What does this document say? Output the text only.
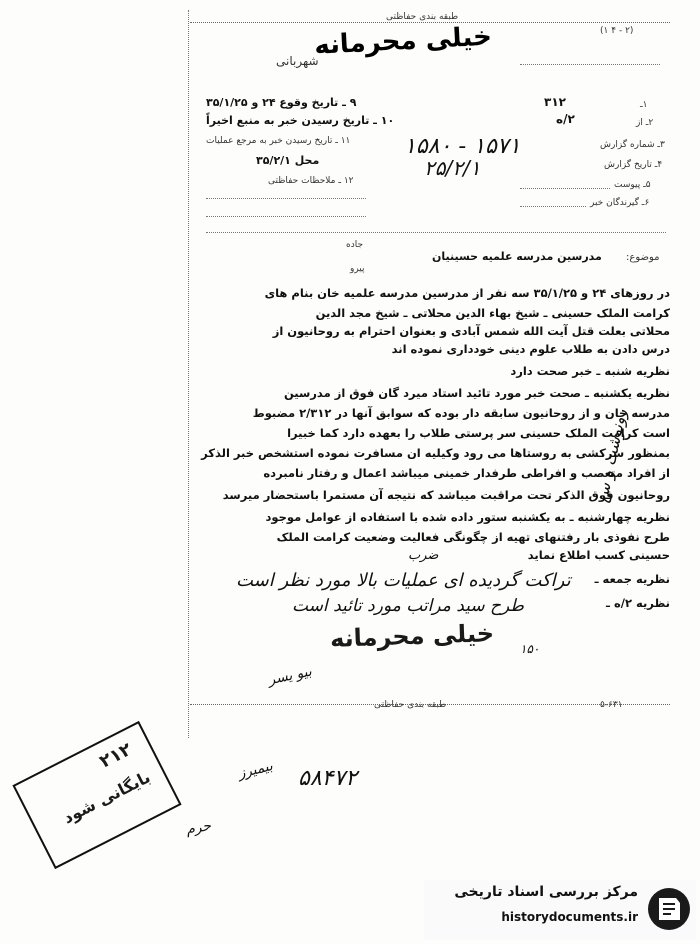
طبقه بندی حفاظتی
(۲ - ۴ ۱)
خیلی محرمانه
شهربانی
۱ـ
۳۱۲
۲ـ از
۲/ه
۳ـ شماره گزارش
۱۵۷۱ - ۱۵۸۰
۴ـ تاریخ گزارش
۲۵/۲/۱
۵ـ پیوست
۶ـ گیرندگان خبر
۹ ـ تاریخ وقوع ۲۴ و ۳۵/۱/۲۵
۱۰ ـ تاریخ رسیدن خبر به منبع اخیراً
۱۱ ـ تاریخ رسیدن خبر به مرجع عملیات
محل ۳۵/۲/۱
۱۲ ـ ملاحظات حفاظتی
جاده
پیرو
موضوع:
مدرسین مدرسه علمیه حسینیان
در روزهای ۲۴ و ۳۵/۱/۲۵ سه نفر از مدرسین مدرسه علمیه خان بنام های
کرامت الملک حسینی ـ شیخ بهاء الدین محلاتی ـ شیخ مجد الدین
محلاتی بعلت قتل آیت الله شمس آبادی و بعنوان احترام به روحانیون از
درس دادن به طلاب علوم دینی خودداری نموده اند
نظریه شنبه ـ خبر صحت دارد
نظریه یکشنبه ـ صحت خبر مورد تائید استاد میرد گان فوق از مدرسین
مدرسه خان و از روحانیون سابقه دار بوده که سوابق آنها در ۲/۳۱۲ مضبوط
است کرامت الملک حسینی سر پرستی طلاب را بعهده دارد کما خبیرا
بمنظور سرکشی به روستاها می رود وکیلیه ان مسافرت نموده استشخص خبر الذکر
از افراد متعصب و افراطی طرفدار خمینی میباشد اعمال و رفتار نامبرده
روحانیون فوق الذکر تحت مراقبت میباشد که نتیجه آن مستمرا باستحضار میرسد
نظریه چهارشنبه ـ به یکشنبه ستور داده شده با استفاده از عوامل موجود
طرح نفوذی بار رفتنهای تهیه از چگونگی فعالیت وضعیت کرامت الملک
حسینی کسب اطلاع نماید
نظریه جمعه ـ
نظریه ۲/ه ـ
ضرب
تراکت گردیده ای عملیات بالا مورد نظر است
طرح سید مراتب مورد تائید است
خیلی محرمانه ۱۵۰
بیو یسر
رونوشت و س
طبقه بندی حفاظتی	۵-۶۳۱
۵۸۴۷۲
بیمیرز
حرم
۲۱۲
بایگانی شود
مرکز بررسی اسناد تاریخی
historydocuments.ir
